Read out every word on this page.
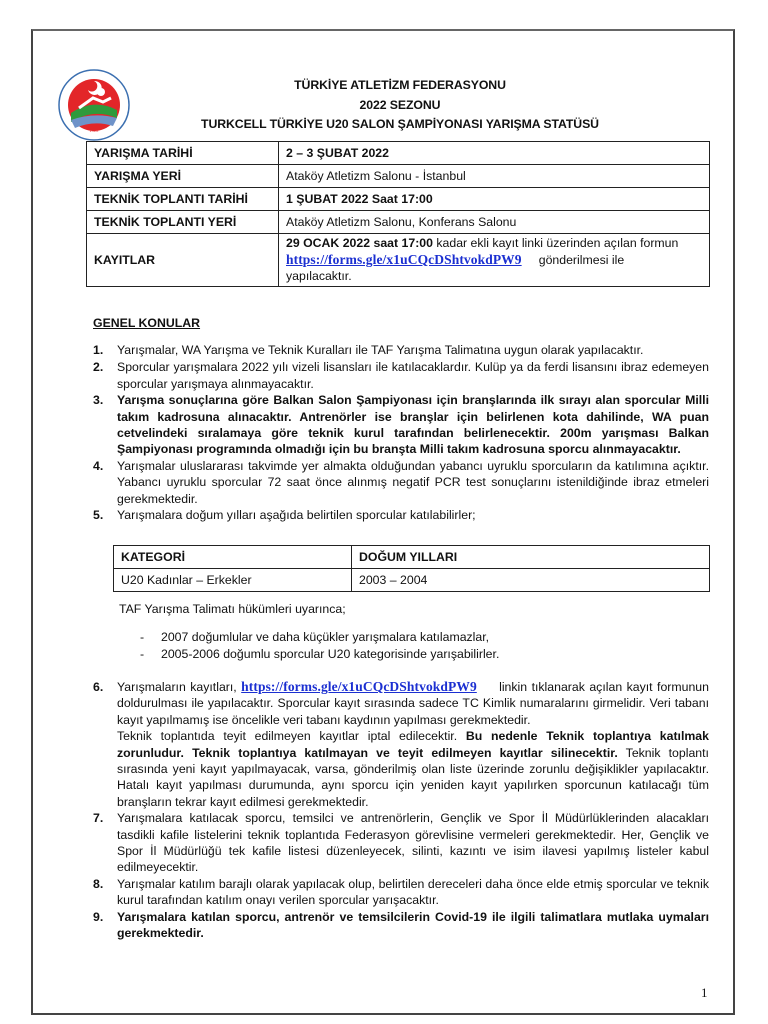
1922
TÜRKİYE ATLETİZM FEDERASYONU
2022 SEZONU
TURKCELL TÜRKİYE U20 SALON ŞAMPİYONASI YARIŞMA STATÜSÜ
YARIŞMA TARİHİ	2 – 3 ŞUBAT 2022
YARIŞMA YERİ	Ataköy Atletizm Salonu - İstanbul
TEKNİK TOPLANTI TARİHİ	1 ŞUBAT 2022 Saat 17:00
TEKNİK TOPLANTI YERİ	Ataköy Atletizm Salonu, Konferans Salonu
KAYITLAR	29 OCAK 2022 saat 17:00 kadar ekli kayıt linki üzerinden açılan formun
https://forms.gle/x1uCQcDShtvokdPW9 gönderilmesi ile
yapılacaktır.
GENEL KONULAR
1. Yarışmalar, WA Yarışma ve Teknik Kuralları ile TAF Yarışma Talimatına uygun olarak yapılacaktır.
2. Sporcular yarışmalara 2022 yılı vizeli lisansları ile katılacaklardır. Kulüp ya da ferdi lisansını ibraz edemeyen sporcular yarışmaya alınmayacaktır.
3. Yarışma sonuçlarına göre Balkan Salon Şampiyonası için branşlarında ilk sırayı alan sporcular Milli takım kadrosuna alınacaktır. Antrenörler ise branşlar için belirlenen kota dahilinde, WA puan cetvelindeki sıralamaya göre teknik kurul tarafından belirlenecektir. 200m yarışması Balkan Şampiyonası programında olmadığı için bu branşta Milli takım kadrosuna sporcu alınmayacaktır.
4. Yarışmalar uluslararası takvimde yer almakta olduğundan yabancı uyruklu sporcuların da katılımına açıktır. Yabancı uyruklu sporcular 72 saat önce alınmış negatif PCR test sonuçlarını istenildiğinde ibraz etmeleri gerekmektedir.
5. Yarışmalara doğum yılları aşağıda belirtilen sporcular katılabilirler;
KATEGORİ	DOĞUM YILLARI
U20 Kadınlar – Erkekler	2003 – 2004
TAF Yarışma Talimatı hükümleri uyarınca;
- 2007 doğumlular ve daha küçükler yarışmalara katılamazlar,
- 2005-2006 doğumlu sporcular U20 kategorisinde yarışabilirler.
6. Yarışmaların kayıtları, https://forms.gle/x1uCQcDShtvokdPW9     linkin tıklanarak açılan kayıt formunun doldurulması ile yapılacaktır. Sporcular kayıt sırasında sadece TC Kimlik numaralarını girmelidir. Veri tabanı kayıt yapılmamış ise öncelikle veri tabanı kaydının yapılması gerekmektedir.
Teknik toplantıda teyit edilmeyen kayıtlar iptal edilecektir. Bu nedenle Teknik toplantıya katılmak zorunludur. Teknik toplantıya katılmayan ve teyit edilmeyen kayıtlar silinecektir. Teknik toplantı sırasında yeni kayıt yapılmayacak, varsa, gönderilmiş olan liste üzerinde zorunlu değişiklikler yapılacaktır. Hatalı kayıt yapılması durumunda, aynı sporcu için yeniden kayıt yapılırken sporcunun katılacağı tüm branşların tekrar kayıt edilmesi gerekmektedir.
7. Yarışmalara katılacak sporcu, temsilci ve antrenörlerin, Gençlik ve Spor İl Müdürlüklerinden alacakları tasdikli kafile listelerini teknik toplantıda Federasyon görevlisine vermeleri gerekmektedir. Her, Gençlik ve Spor İl Müdürlüğü tek kafile listesi düzenleyecek, silinti, kazıntı ve isim ilavesi yapılmış listeler kabul edilmeyecektir.
8. Yarışmalar katılım barajlı olarak yapılacak olup, belirtilen dereceleri daha önce elde etmiş sporcular ve teknik kurul tarafından katılım onayı verilen sporcular yarışacaktır.
9. Yarışmalara katılan sporcu, antrenör ve temsilcilerin Covid-19 ile ilgili talimatlara mutlaka uymaları gerekmektedir.
1
